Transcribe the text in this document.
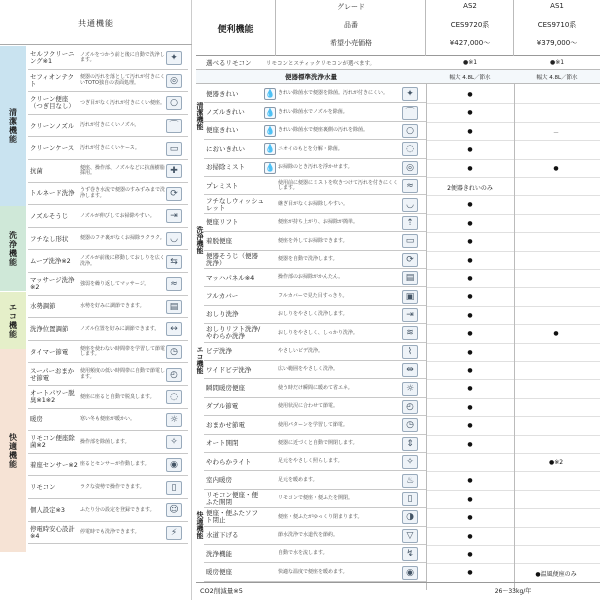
共通機能
清潔機能
洗浄機能
エコ機能
快適機能
セルフクリーニング※1
ノズルをつかう前と後に自動で洗浄します。	✦
セフィオンテクト
便器の汚れを落として汚れが付きにくいTOTO独自の表面処理。	◎
クリーン便座（つぎ目なし）	つぎ目がなく汚れが付きにくい便座。 ○
クリーンノズル	汚れが付きにくいノズル。	⌒
クリーンケース	汚れが付きにくいケース。	▭
抗菌	便座、操作部、ノズルなどに抗菌樹脂採用。	✚
トルネード洗浄	うず巻き水流で便器のすみずみまで洗浄します。	⟳
ノズルそうじ	ノズルが伸びしてお掃除やすい。	⇥
フチなし形状	便器のフチ裏がなくお掃除ラクラク。 ◡
ムーブ洗浄※2	ノズルが前後に移動しておしりを広く洗浄。	⇆
マッサージ洗浄※2	強弱を繰り返してマッサージ。	≈
水勢調節	水勢を好みに調節できます。	▤
洗浄位置調節	ノズル位置を好みに調節できます。	↔
タイマー節電	便座を使わない時間帯を学習して節電します。	◷
スーパーおまかせ節電
使用頻度の低い時間帯に自動で節電します。	◴
オートパワー脱臭※1※2	便座に座ると自動で脱臭します。	◌
暖房	寒い冬も便座が暖かい。	☼
リモコン便座除菌※2	操作部を除菌します。	✧
着座センサー※2 座るとセンサーが作動します。	◉
リモコン	ラクな姿勢で操作できます。	▯
個人設定※3	ふたり分の設定を登録できます。	☺
停電時安心設計※4	停電時でも洗浄できます。	⚡
便利機能
グレード
品番
希望小売価格
AS2
CES9720系
¥427,000～
AS1
CES9710系
¥379,000～
選べるリモコン	リモコンとスティックリモコンが選べます。	●※1	●※1
便器標準洗浄水量	幅大 4.8L／節水	幅大 4.8L／節水
清潔機能
洗浄機能
エコ機能
快適機能
便器きれい	💧 きれい除菌水で便器を除菌。汚れが付きにくい。	✦	●
ノズルきれい	💧 きれい除菌水でノズルを除菌。	⌒	●
便座きれい	💧 きれい除菌水で便座裏側の汚れを除菌。	○	●	－
においきれい	💧 ニオイのもとを分解・除菌。	◌	●
お掃除ミスト	💧 お掃除のとき汚れを浮かせます。	◎	●	●
プレミスト	使用前に便器にミストを吹きつけて汚れを付きにくくします。	≈	2便器きれいのみ
フチなしウィッシュレット	継ぎ目がなくお掃除しやすい。	◡	●
便座リフト	便座が持ち上がり、お掃除が簡単。	⇡	●
着脱便座	便座を外してお掃除できます。	▭	●
便器そうじ（便器洗浄）	便器を自動で洗浄します。	⟳	●
マッハパネル※4	操作部のお掃除がかんたん。	▤	●
フルカバー	フルカバーで見た目すっきり。	▣	●
おしり洗浄	おしりをやさしく洗浄します。	⇥	●
おしりリフト洗浄/やわらか洗浄	おしりをやさしく、しっかり洗浄。	≋	●	●
ビデ洗浄	やさしいビデ洗浄。	⌇	●
ワイドビデ洗浄	広い範囲をやさしく洗浄。	⇹	●
瞬間暖房便座	使う時だけ瞬間に暖めて省エネ。	☼	●
ダブル節電	使用状況に合わせて節電。	◴	●
おまかせ節電	使用パターンを学習して節電。	◷	●
オート開閉	便器に近づくと自動で開閉します。	⇕	●
やわらかライト	足元をやさしく照らします。	✧	●※2
室内暖房	足元を暖めます。	♨	●
リモコン便座・便ふた開閉	リモコンで便座・便ふたを開閉。	▯	●
便座・便ふたソフト閉止	便座・便ふたがゆっくり閉まります。	◑	●
水道下げる	節水洗浄で水道代を節約。	▽	●
洗浄機能	自動で水を流します。	↯	●
暖房便座	快適な温度で便座を暖めます。	◉	●	●温風便座のみ
CO2削減量※5	26～33kg/年
